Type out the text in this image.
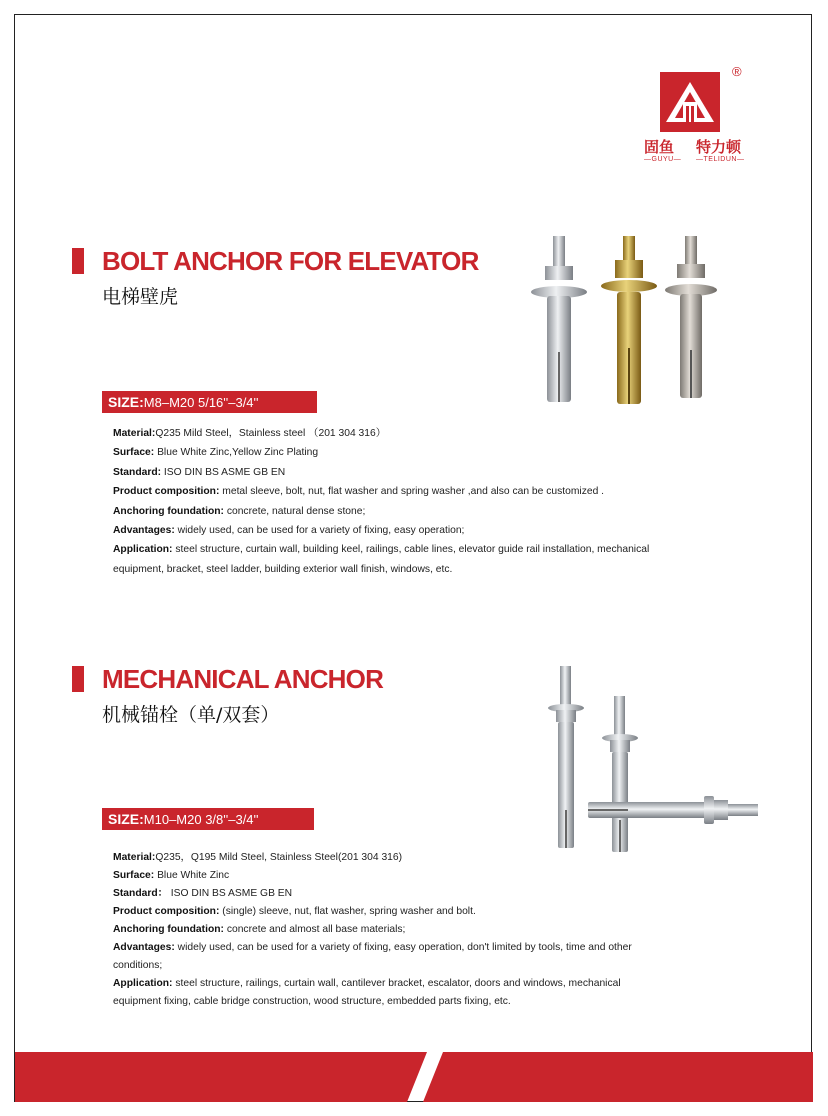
®
固鱼 特力顿
—GUYU— —TELIDUN—
BOLT ANCHOR FOR ELEVATOR
电梯壁虎
SIZE:M8–M20 5/16''–3/4''
Material:Q235 Mild Steel，Stainless steel （201 304 316）
Surface: Blue White Zinc,Yellow Zinc Plating
Standard: ISO DIN BS ASME GB EN
Product composition: metal sleeve, bolt, nut, flat washer and spring washer ,and also can be customized .
Anchoring foundation: concrete, natural dense stone;
Advantages: widely used, can be used for a variety of fixing, easy operation;
Application: steel structure, curtain wall, building keel, railings, cable lines, elevator guide rail installation, mechanical
equipment, bracket, steel ladder, building exterior wall finish, windows, etc.
MECHANICAL ANCHOR
机械锚栓（单/双套）
SIZE:M10–M20 3/8''–3/4''
Material:Q235，Q195 Mild Steel, Stainless Steel(201 304 316)
Surface: Blue White Zinc
Standard： ISO DIN BS ASME GB EN
Product composition: (single) sleeve, nut, flat washer, spring washer and bolt.
Anchoring foundation: concrete and almost all base materials;
Advantages: widely used, can be used for a variety of fixing, easy operation, don't limited by tools, time and other
conditions;
Application: steel structure, railings, curtain wall, cantilever bracket, escalator, doors and windows, mechanical
equipment fixing, cable bridge construction, wood structure, embedded parts fixing, etc.
